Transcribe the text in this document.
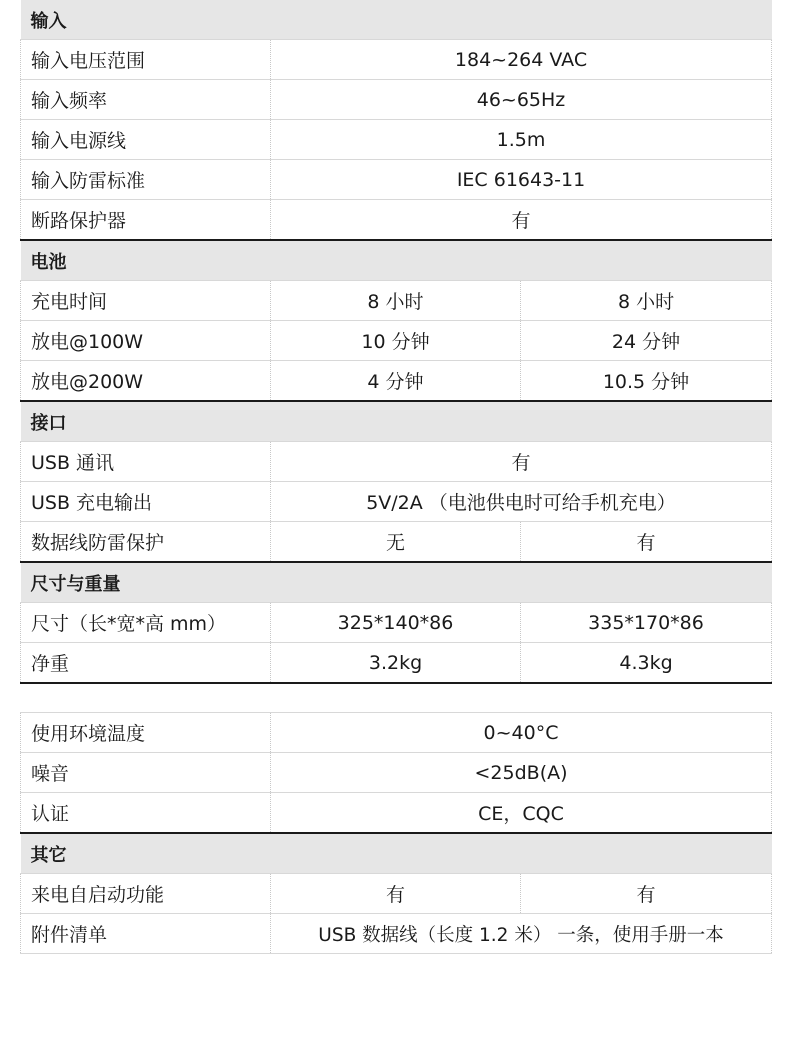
输入		
输入电压范围	184~264 VAC	
输入频率	46~65Hz	
输入电源线	1.5m	
输入防雷标准	IEC 61643-11	
断路保护器	有	
电池		
充电时间	8 小时	8 小时
放电@100W	10 分钟	24 分钟
放电@200W	4 分钟	10.5 分钟
接口		
USB 通讯	有	
USB 充电输出	5V/2A （电池供电时可给手机充电）	
数据线防雷保护	无	有
尺寸与重量		
尺寸（长*宽*高 mm）	325*140*86	335*170*86
净重	3.2kg	4.3kg
使用环境温度	0~40°C	
噪音	<25dB(A)	
认证	CE，CQC	
其它		
来电自启动功能	有	有
附件清单	USB 数据线（长度 1.2 米） 一条，使用手册一本	
